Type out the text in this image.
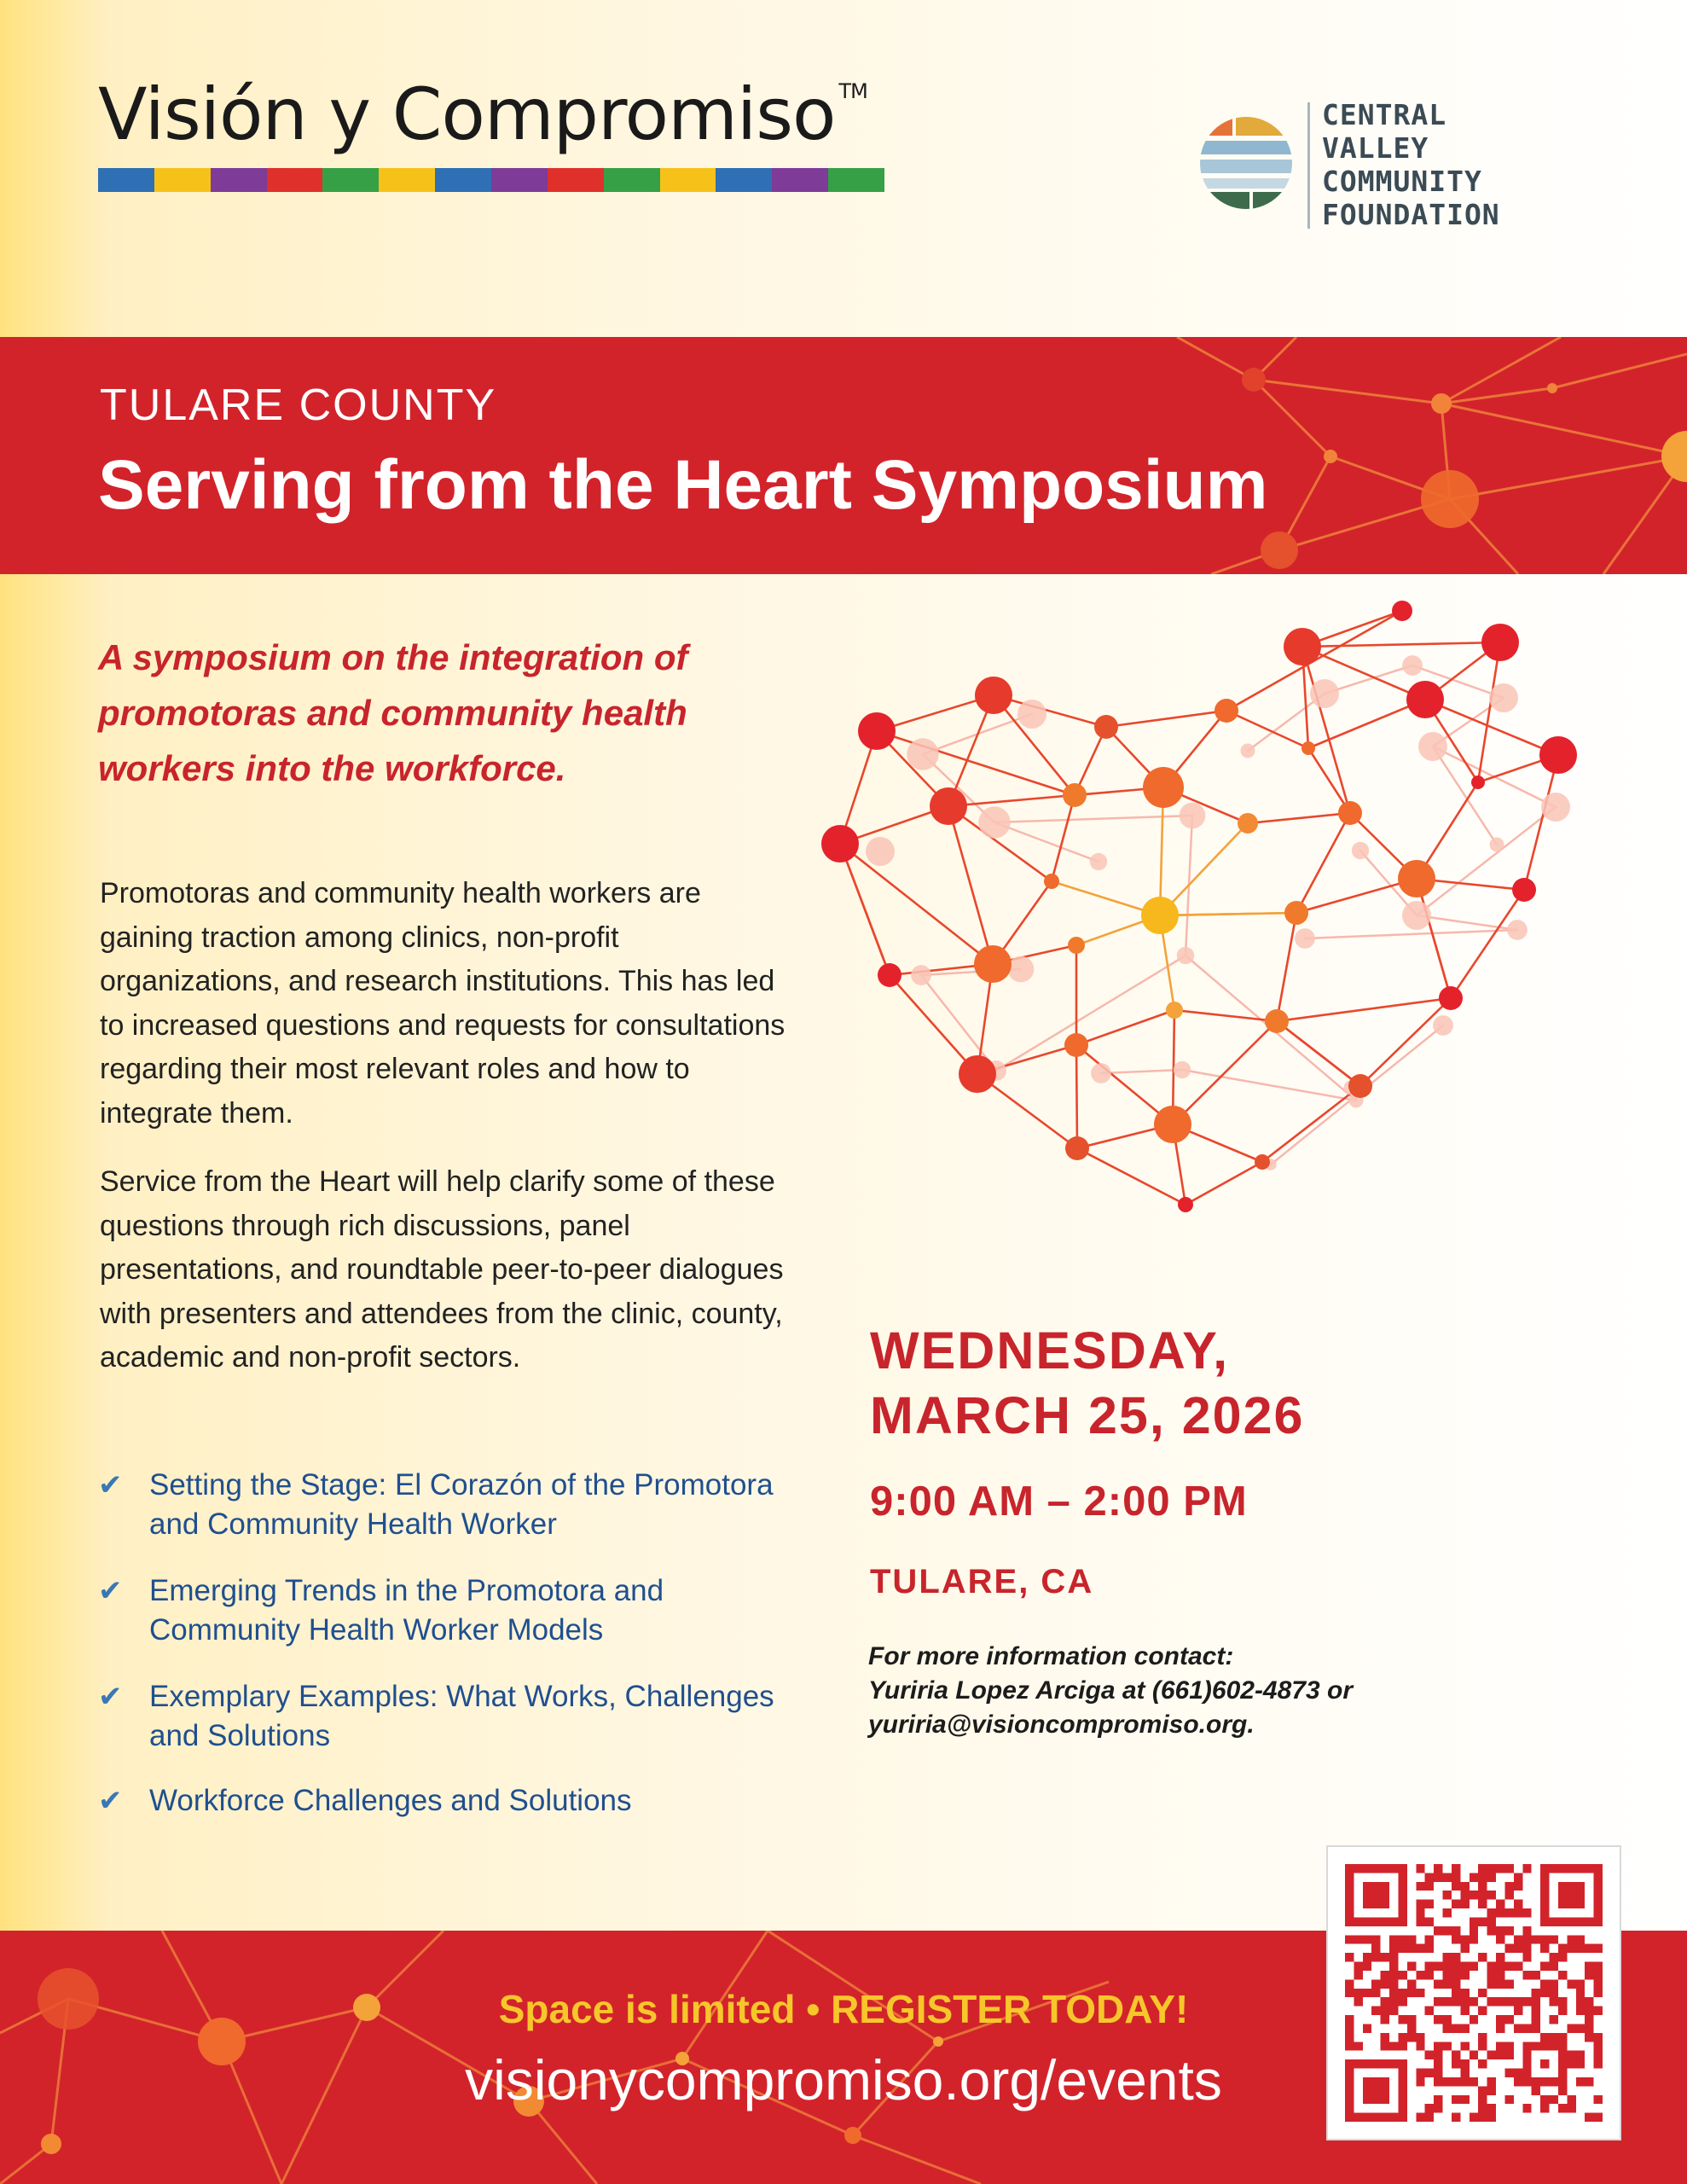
Visión y Compromiso ™
CENTRAL
VALLEY
COMMUNITY
FOUNDATION
TULARE COUNTY
Serving from the Heart Symposium
A symposium on the integration of promotoras and community health workers into the workforce.
Promotoras and community health workers are gaining traction among clinics, non-profit organizations, and research institutions. This has led to increased questions and requests for consultations regarding their most relevant roles and how to integrate them.
Service from the Heart will help clarify some of these questions through rich discussions, panel presentations, and roundtable peer-to-peer dialogues with presenters and attendees from the clinic, county, academic and non-profit sectors.
✔ Setting the Stage: El Corazón of the Promotora and Community Health Worker
✔ Emerging Trends in the Promotora and Community Health Worker Models
✔ Exemplary Examples: What Works, Challenges and Solutions
✔ Workforce Challenges and Solutions
WEDNESDAY,
MARCH 25, 2026
9:00 AM – 2:00 PM
TULARE, CA
For more information contact:
Yuriria Lopez Arciga at (661)602-4873 or
yuriria@visioncompromiso.org.
Space is limited • REGISTER TODAY!
visionycompromiso.org/events
